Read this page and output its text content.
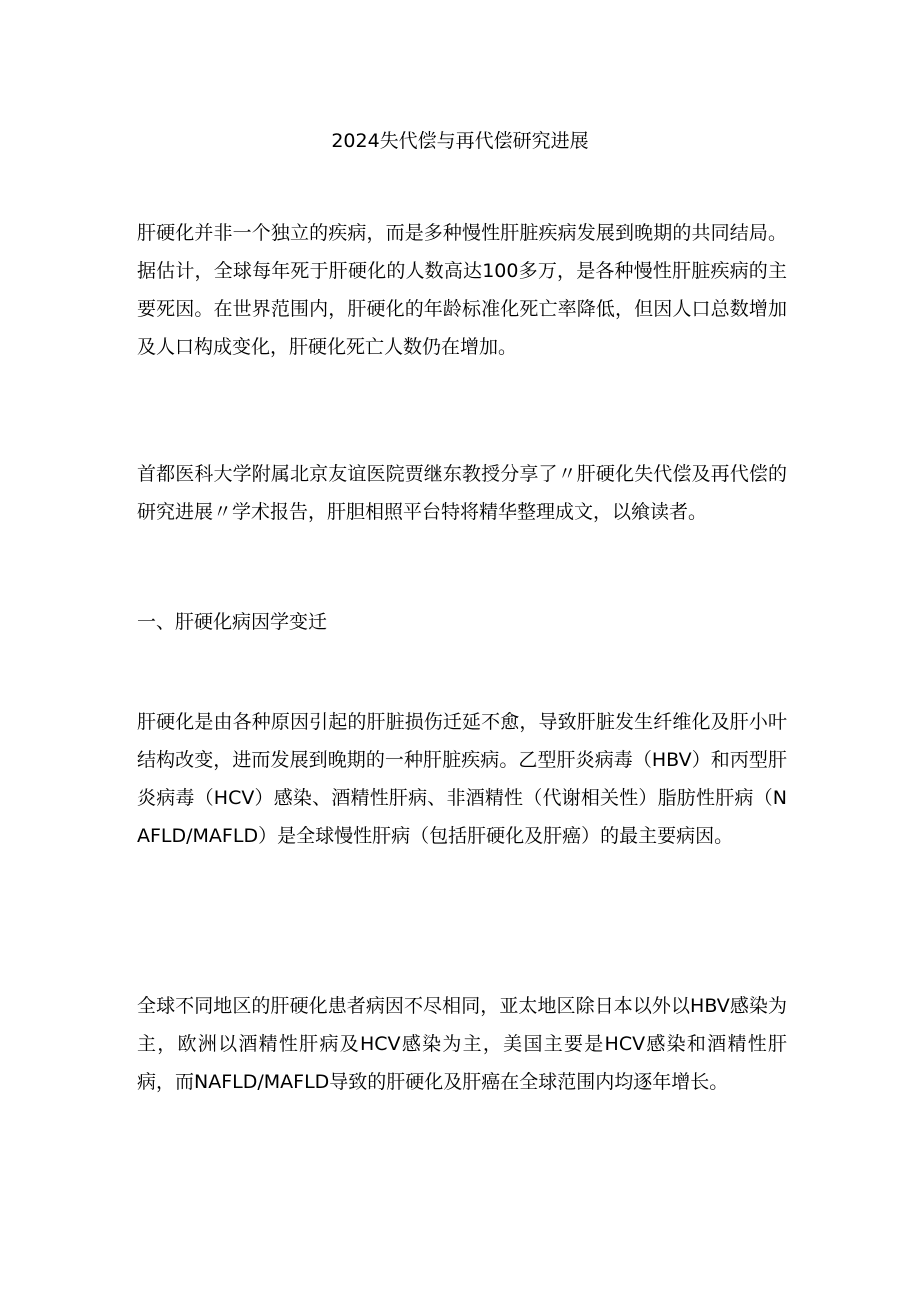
2024失代偿与再代偿研究进展

肝硬化并非一个独立的疾病，而是多种慢性肝脏疾病发展到晚期的共同结局。据估计，全球每年死于肝硬化的人数高达100多万，是各种慢性肝脏疾病的主要死因。在世界范围内，肝硬化的年龄标准化死亡率降低，但因人口总数增加及人口构成变化，肝硬化死亡人数仍在增加。

首都医科大学附属北京友谊医院贾继东教授分享了〃肝硬化失代偿及再代偿的研究进展〃学术报告，肝胆相照平台特将精华整理成文，以飨读者。

一、肝硬化病因学变迁

肝硬化是由各种原因引起的肝脏损伤迁延不愈，导致肝脏发生纤维化及肝小叶结构改变，进而发展到晚期的一种肝脏疾病。乙型肝炎病毒（HBV）和丙型肝炎病毒（HCV）感染、酒精性肝病、非酒精性（代谢相关性）脂肪性肝病（NAFLD/MAFLD）是全球慢性肝病（包括肝硬化及肝癌）的最主要病因。

全球不同地区的肝硬化患者病因不尽相同，亚太地区除日本以外以HBV感染为主，欧洲以酒精性肝病及HCV感染为主，美国主要是HCV感染和酒精性肝病，而NAFLD/MAFLD导致的肝硬化及肝癌在全球范围内均逐年增长。
